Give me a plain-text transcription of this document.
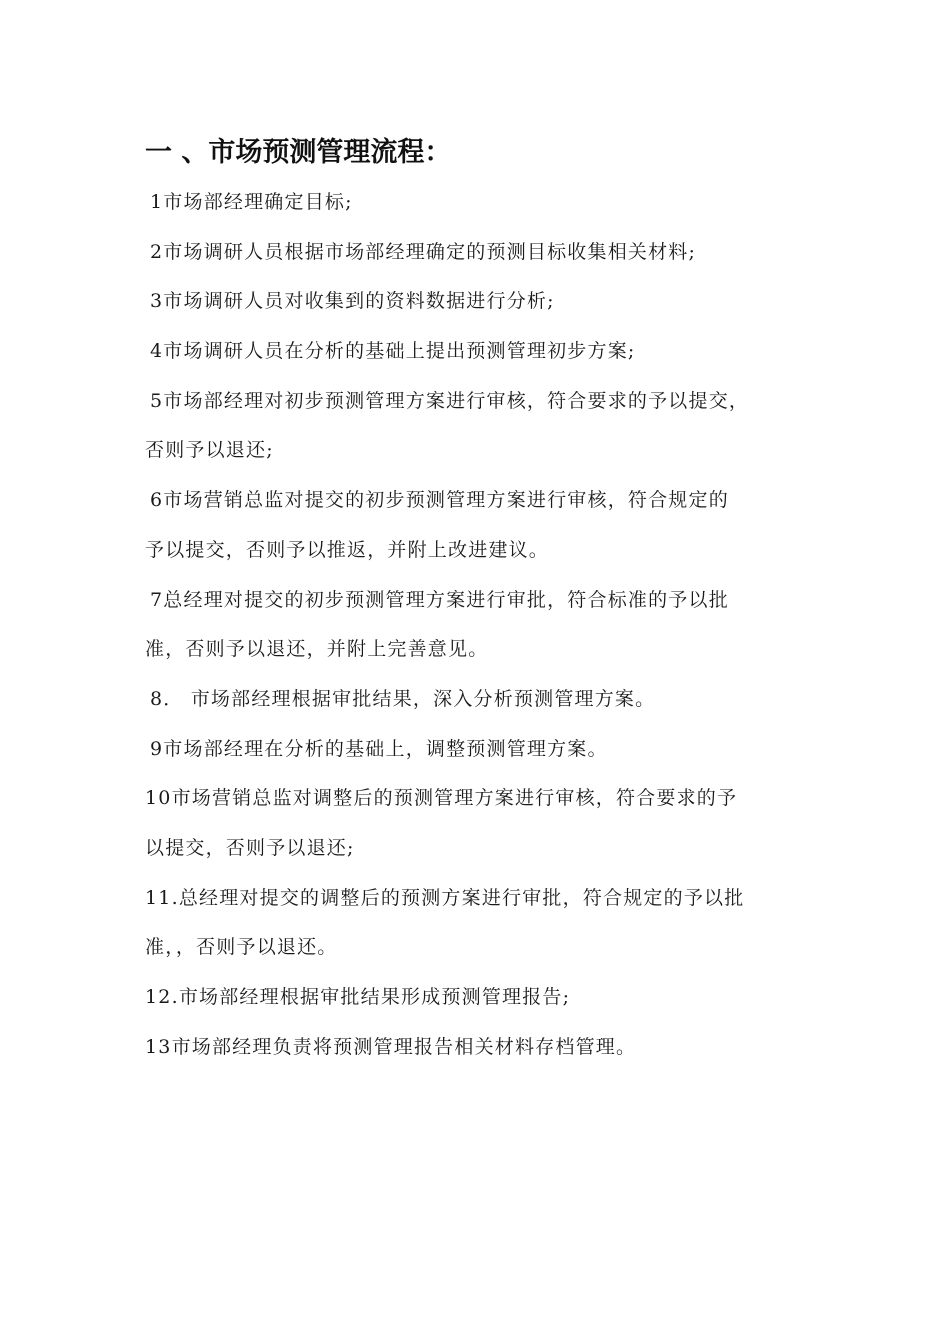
一 、市场预测管理流程：
1市场部经理确定目标;
2市场调研人员根据市场部经理确定的预测目标收集相关材料;
3市场调研人员对收集到的资料数据进行分析;
4市场调研人员在分析的基础上提出预测管理初步方案;
5市场部经理对初步预测管理方案进行审核，符合要求的予以提交，
否则予以退还;
6市场营销总监对提交的初步预测管理方案进行审核，符合规定的
予以提交，否则予以推返，并附上改进建议。
7总经理对提交的初步预测管理方案进行审批，符合标准的予以批
准，否则予以退还，并附上完善意见。
8． 市场部经理根据审批结果，深入分析预测管理方案。
9市场部经理在分析的基础上，调整预测管理方案。
10市场营销总监对调整后的预测管理方案进行审核，符合要求的予
以提交，否则予以退还;
11.总经理对提交的调整后的预测方案进行审批，符合规定的予以批
准，，否则予以退还。
12.市场部经理根据审批结果形成预测管理报告;
13市场部经理负责将预测管理报告相关材料存档管理。
